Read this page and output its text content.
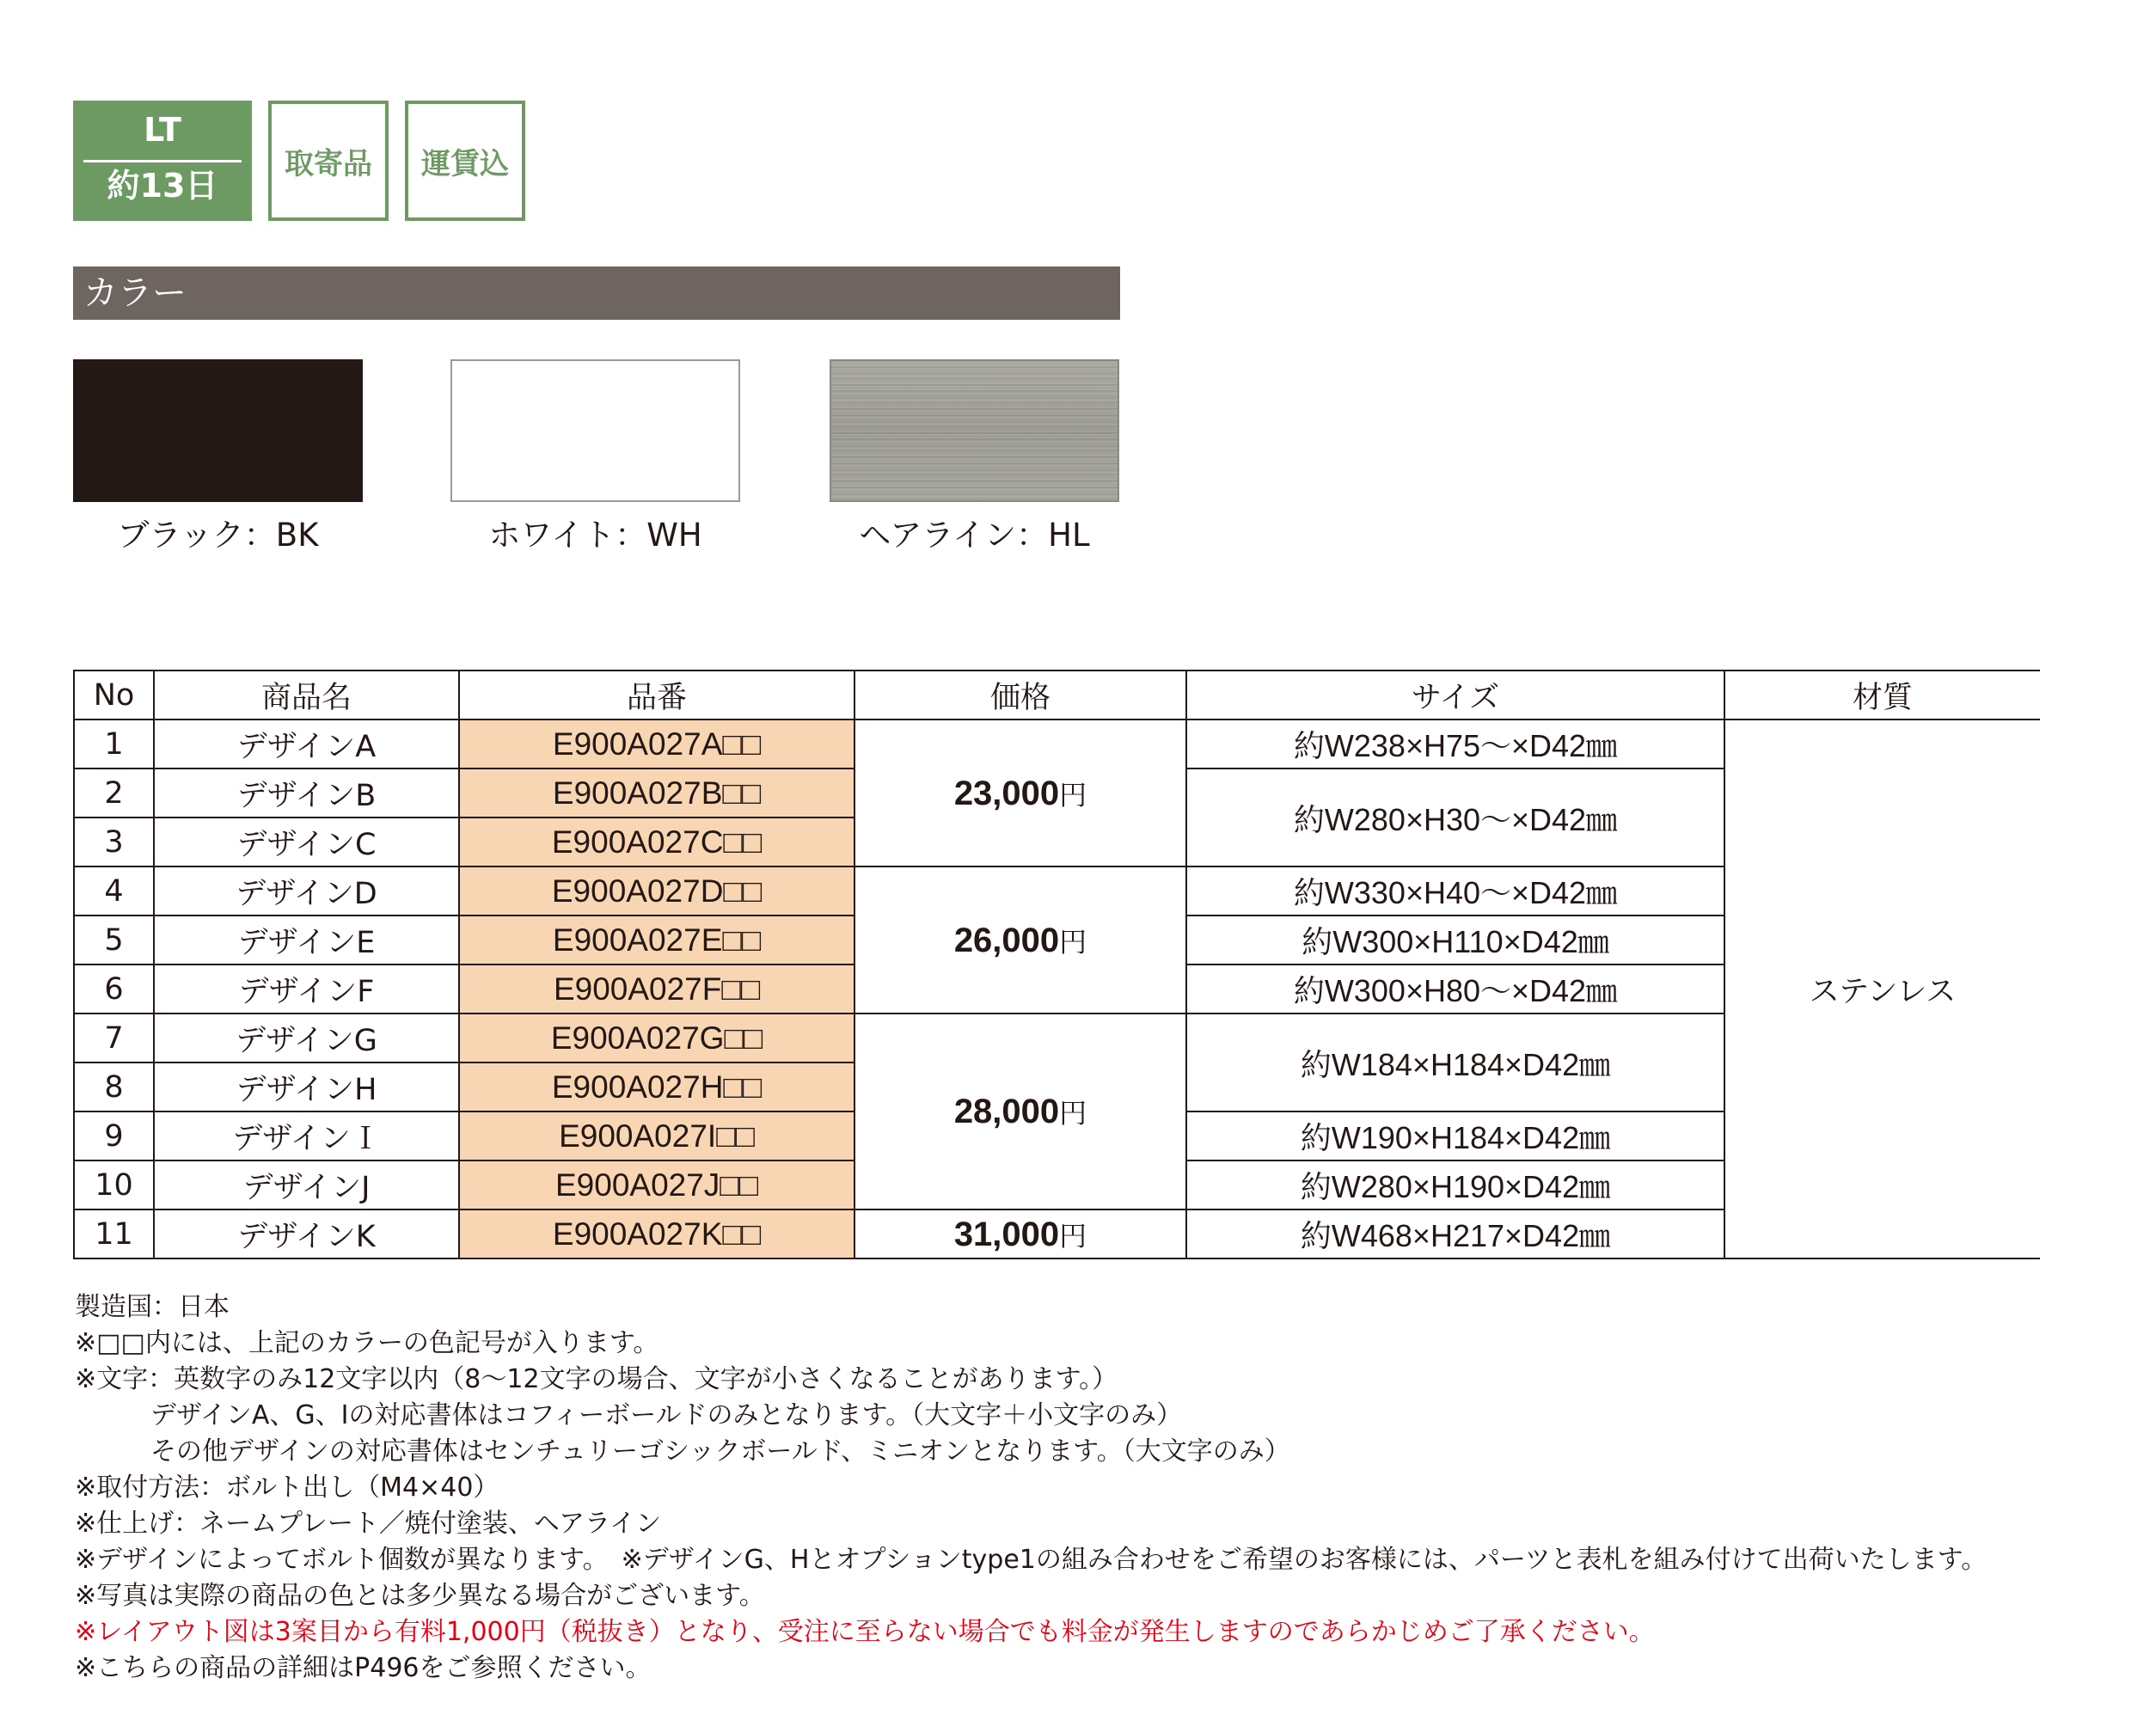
LT
約13日
取寄品	運賃込
カラー
ブラック：BK	ホワイト：WH	ヘアライン：HL
No	商品名	品番	価格	サイズ	材質
1	デザインA	E900A027A□□	23,000円	約W238×H75～×D42㎜	ステンレス
2	デザインB	E900A027B□□		約W280×H30～×D42㎜	
3	デザインC	E900A027C□□			
4	デザインD	E900A027D□□	26,000円	約W330×H40～×D42㎜	
5	デザインE	E900A027E□□		約W300×H110×D42㎜	
6	デザインF	E900A027F□□		約W300×H80～×D42㎜	
7	デザインG	E900A027G□□	28,000円	約W184×H184×D42㎜	
8	デザインH	E900A027H□□			
9	デザインＩ	E900A027I□□		約W190×H184×D42㎜	
10	デザインJ	E900A027J□□		約W280×H190×D42㎜	
11	デザインK	E900A027K□□	31,000円	約W468×H217×D42㎜	
製造国：日本
※□□内には、上記のカラーの色記号が入ります。
※文字：英数字のみ12文字以内（8～12文字の場合、文字が小さくなることがあります。）
デザインA、G、Iの対応書体はコフィーボールドのみとなります。（大文字＋小文字のみ）
その他デザインの対応書体はセンチュリーゴシックボールド、ミニオンとなります。（大文字のみ）
※取付方法：ボルト出し（M4×40）
※仕上げ：ネームプレート／焼付塗装、ヘアライン
※デザインによってボルト個数が異なります。　※デザインG、Hとオプションtype1の組み合わせをご希望のお客様には、パーツと表札を組み付けて出荷いたします。
※写真は実際の商品の色とは多少異なる場合がございます。
※レイアウト図は3案目から有料1,000円（税抜き）となり、受注に至らない場合でも料金が発生しますのであらかじめご了承ください。
※こちらの商品の詳細はP496をご参照ください。
